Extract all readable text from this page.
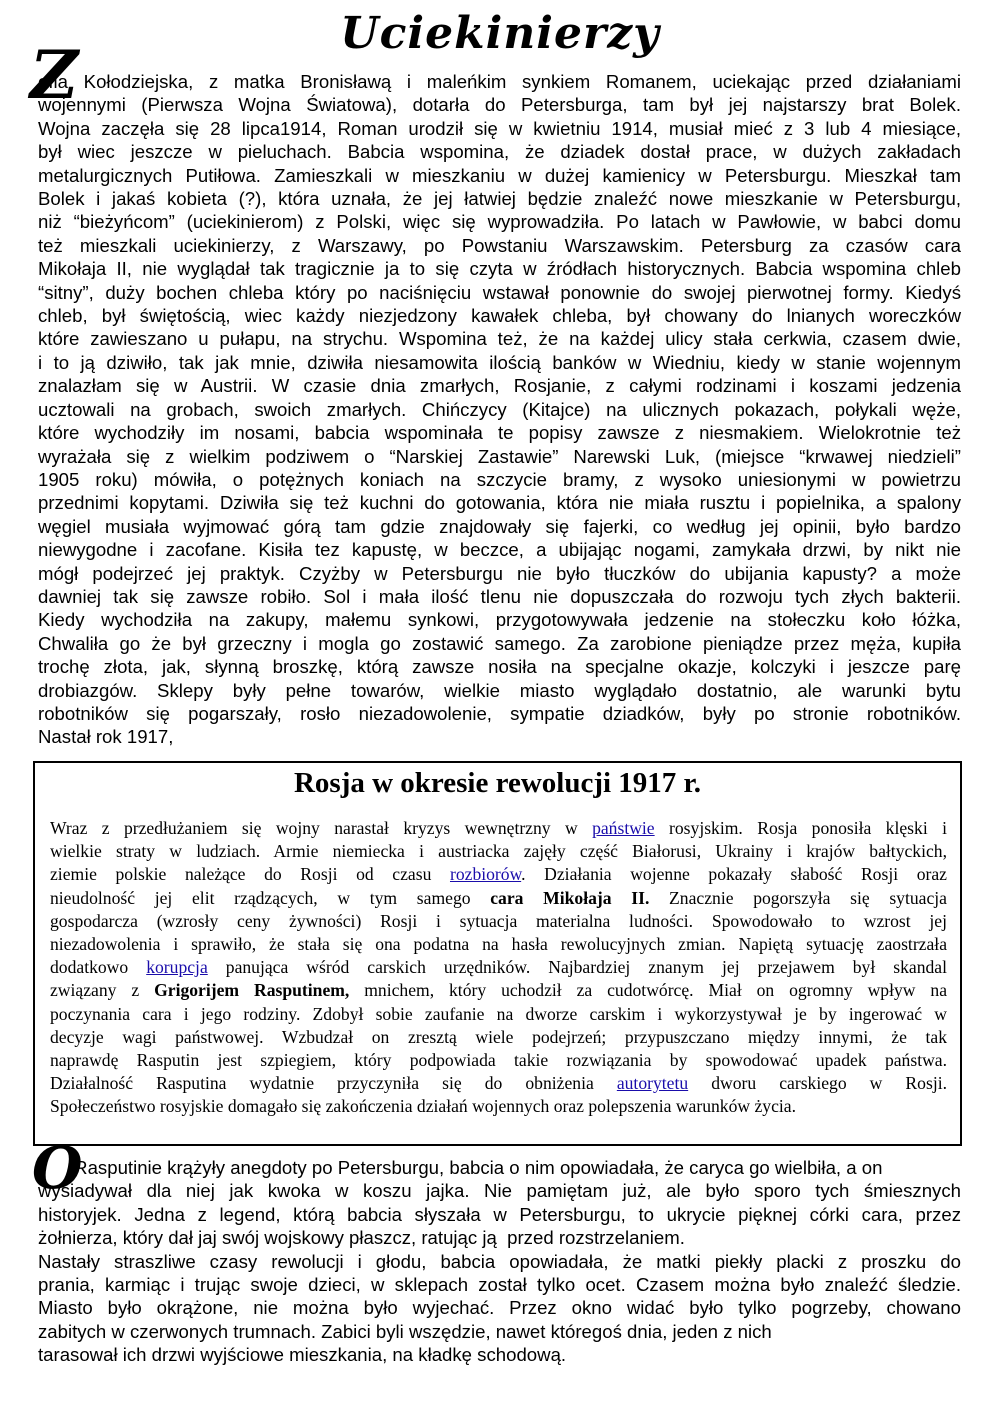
Uciekinierzy
Z
ofia Kołodziejska, z matka Bronisławą i maleńkim synkiem Romanem, uciekając przed działaniami
wojennymi (Pierwsza Wojna Światowa), dotarła do Petersburga, tam był jej najstarszy brat Bolek.
Wojna zaczęła się 28 lipca1914, Roman urodził się w kwietniu 1914, musiał mieć z 3 lub 4 miesiące,
był wiec jeszcze w pieluchach. Babcia wspomina, że dziadek dostał prace, w dużych zakładach
metalurgicznych Putiłowa. Zamieszkali w mieszkaniu w dużej kamienicy w Petersburgu. Mieszkał tam
Bolek i jakaś kobieta (?), która uznała, że jej łatwiej będzie znaleźć nowe mieszkanie w Petersburgu,
niż “bieżyńcom” (uciekinierom) z Polski, więc się wyprowadziła. Po latach w Pawłowie, w babci domu
też mieszkali uciekinierzy, z Warszawy, po Powstaniu Warszawskim. Petersburg za czasów cara
Mikołaja II, nie wyglądał tak tragicznie ja to się czyta w źródłach historycznych. Babcia wspomina chleb
“sitny”, duży bochen chleba który po naciśnięciu wstawał ponownie do swojej pierwotnej formy. Kiedyś
chleb, był świętością, wiec każdy niezjedzony kawałek chleba, był chowany do lnianych woreczków
które zawieszano u pułapu, na strychu. Wspomina też, że na każdej ulicy stała cerkwia, czasem dwie,
i to ją dziwiło, tak jak mnie, dziwiła niesamowita ilością banków w Wiedniu, kiedy w stanie wojennym
znalazłam się w Austrii. W czasie dnia zmarłych, Rosjanie, z całymi rodzinami i koszami jedzenia
ucztowali na grobach, swoich zmarłych. Chińczycy (Kitajce) na ulicznych pokazach, połykali węże,
które wychodziły im nosami, babcia wspominała te popisy zawsze z niesmakiem. Wielokrotnie też
wyrażała się z wielkim podziwem o “Narskiej Zastawie” Narewski Luk, (miejsce “krwawej niedzieli”
1905 roku) mówiła, o potężnych koniach na szczycie bramy, z wysoko uniesionymi w powietrzu
przednimi kopytami. Dziwiła się też kuchni do gotowania, która nie miała rusztu i popielnika, a spalony
węgiel musiała wyjmować górą tam gdzie znajdowały się fajerki, co według jej opinii, było bardzo
niewygodne i zacofane. Kisiła tez kapustę, w beczce, a ubijając nogami, zamykała drzwi, by nikt nie
mógł podejrzeć jej praktyk. Czyżby w Petersburgu nie było tłuczków do ubijania kapusty? a może
dawniej tak się zawsze robiło. Sol i mała ilość tlenu nie dopuszczała do rozwoju tych złych bakterii.
Kiedy wychodziła na zakupy, małemu synkowi, przygotowywała jedzenie na stołeczku koło łóżka,
Chwaliła go że był grzeczny i mogla go zostawić samego. Za zarobione pieniądze przez męża, kupiła
trochę złota, jak, słynną broszkę, którą zawsze nosiła na specjalne okazje, kolczyki i jeszcze parę
drobiazgów. Sklepy były pełne towarów, wielkie miasto wyglądało dostatnio, ale warunki bytu
robotników się pogarszały, rosło niezadowolenie, sympatie dziadków, były po stronie robotników.
Nastał rok 1917,
Rosja w okresie rewolucji 1917 r.
Wraz z przedłużaniem się wojny narastał kryzys wewnętrzny w państwie rosyjskim. Rosja ponosiła klęski i
wielkie straty w ludziach. Armie niemiecka i austriacka zajęły część Białorusi, Ukrainy i krajów bałtyckich,
ziemie polskie należące do Rosji od czasu rozbiorów. Działania wojenne pokazały słabość Rosji oraz
nieudolność jej elit rządzących, w tym samego cara Mikołaja II. Znacznie pogorszyła się sytuacja
gospodarcza (wzrosły ceny żywności) Rosji i sytuacja materialna ludności. Spowodowało to wzrost jej
niezadowolenia i sprawiło, że stała się ona podatna na hasła rewolucyjnych zmian. Napiętą sytuację zaostrzała
dodatkowo korupcja panująca wśród carskich urzędników. Najbardziej znanym jej przejawem był skandal
związany z Grigorijem Rasputinem, mnichem, który uchodził za cudotwórcę. Miał on ogromny wpływ na
poczynania cara i jego rodziny. Zdobył sobie zaufanie na dworze carskim i wykorzystywał je by ingerować w
decyzje wagi państwowej. Wzbudzał on zresztą wiele podejrzeń; przypuszczano między innymi, że tak
naprawdę Rasputin jest szpiegiem, który podpowiada takie rozwiązania by spowodować upadek państwa.
Działalność Rasputina wydatnie przyczyniła się do obniżenia autorytetu dworu carskiego w Rosji.
Społeczeństwo rosyjskie domagało się zakończenia działań wojennych oraz polepszenia warunków życia.
O
Rasputinie krążyły anegdoty po Petersburgu, babcia o nim opowiadała, że caryca go wielbiła, a on
wysiadywał dla niej jak kwoka w koszu jajka. Nie pamiętam już, ale było sporo tych śmiesznych
historyjek. Jedna z legend, którą babcia słyszała w Petersburgu, to ukrycie pięknej córki cara, przez
żołnierza, który dał jaj swój wojskowy płaszcz, ratując ją  przed rozstrzelaniem.
Nastały straszliwe czasy rewolucji i głodu, babcia opowiadała, że matki piekły placki z proszku do
prania, karmiąc i trując swoje dzieci, w sklepach został tylko ocet. Czasem można było znaleźć śledzie.
Miasto było okrążone, nie można było wyjechać. Przez okno widać było tylko pogrzeby, chowano
zabitych w czerwonych trumnach. Zabici byli wszędzie, nawet któregoś dnia, jeden z nich
tarasował ich drzwi wyjściowe mieszkania, na kładkę schodową.
